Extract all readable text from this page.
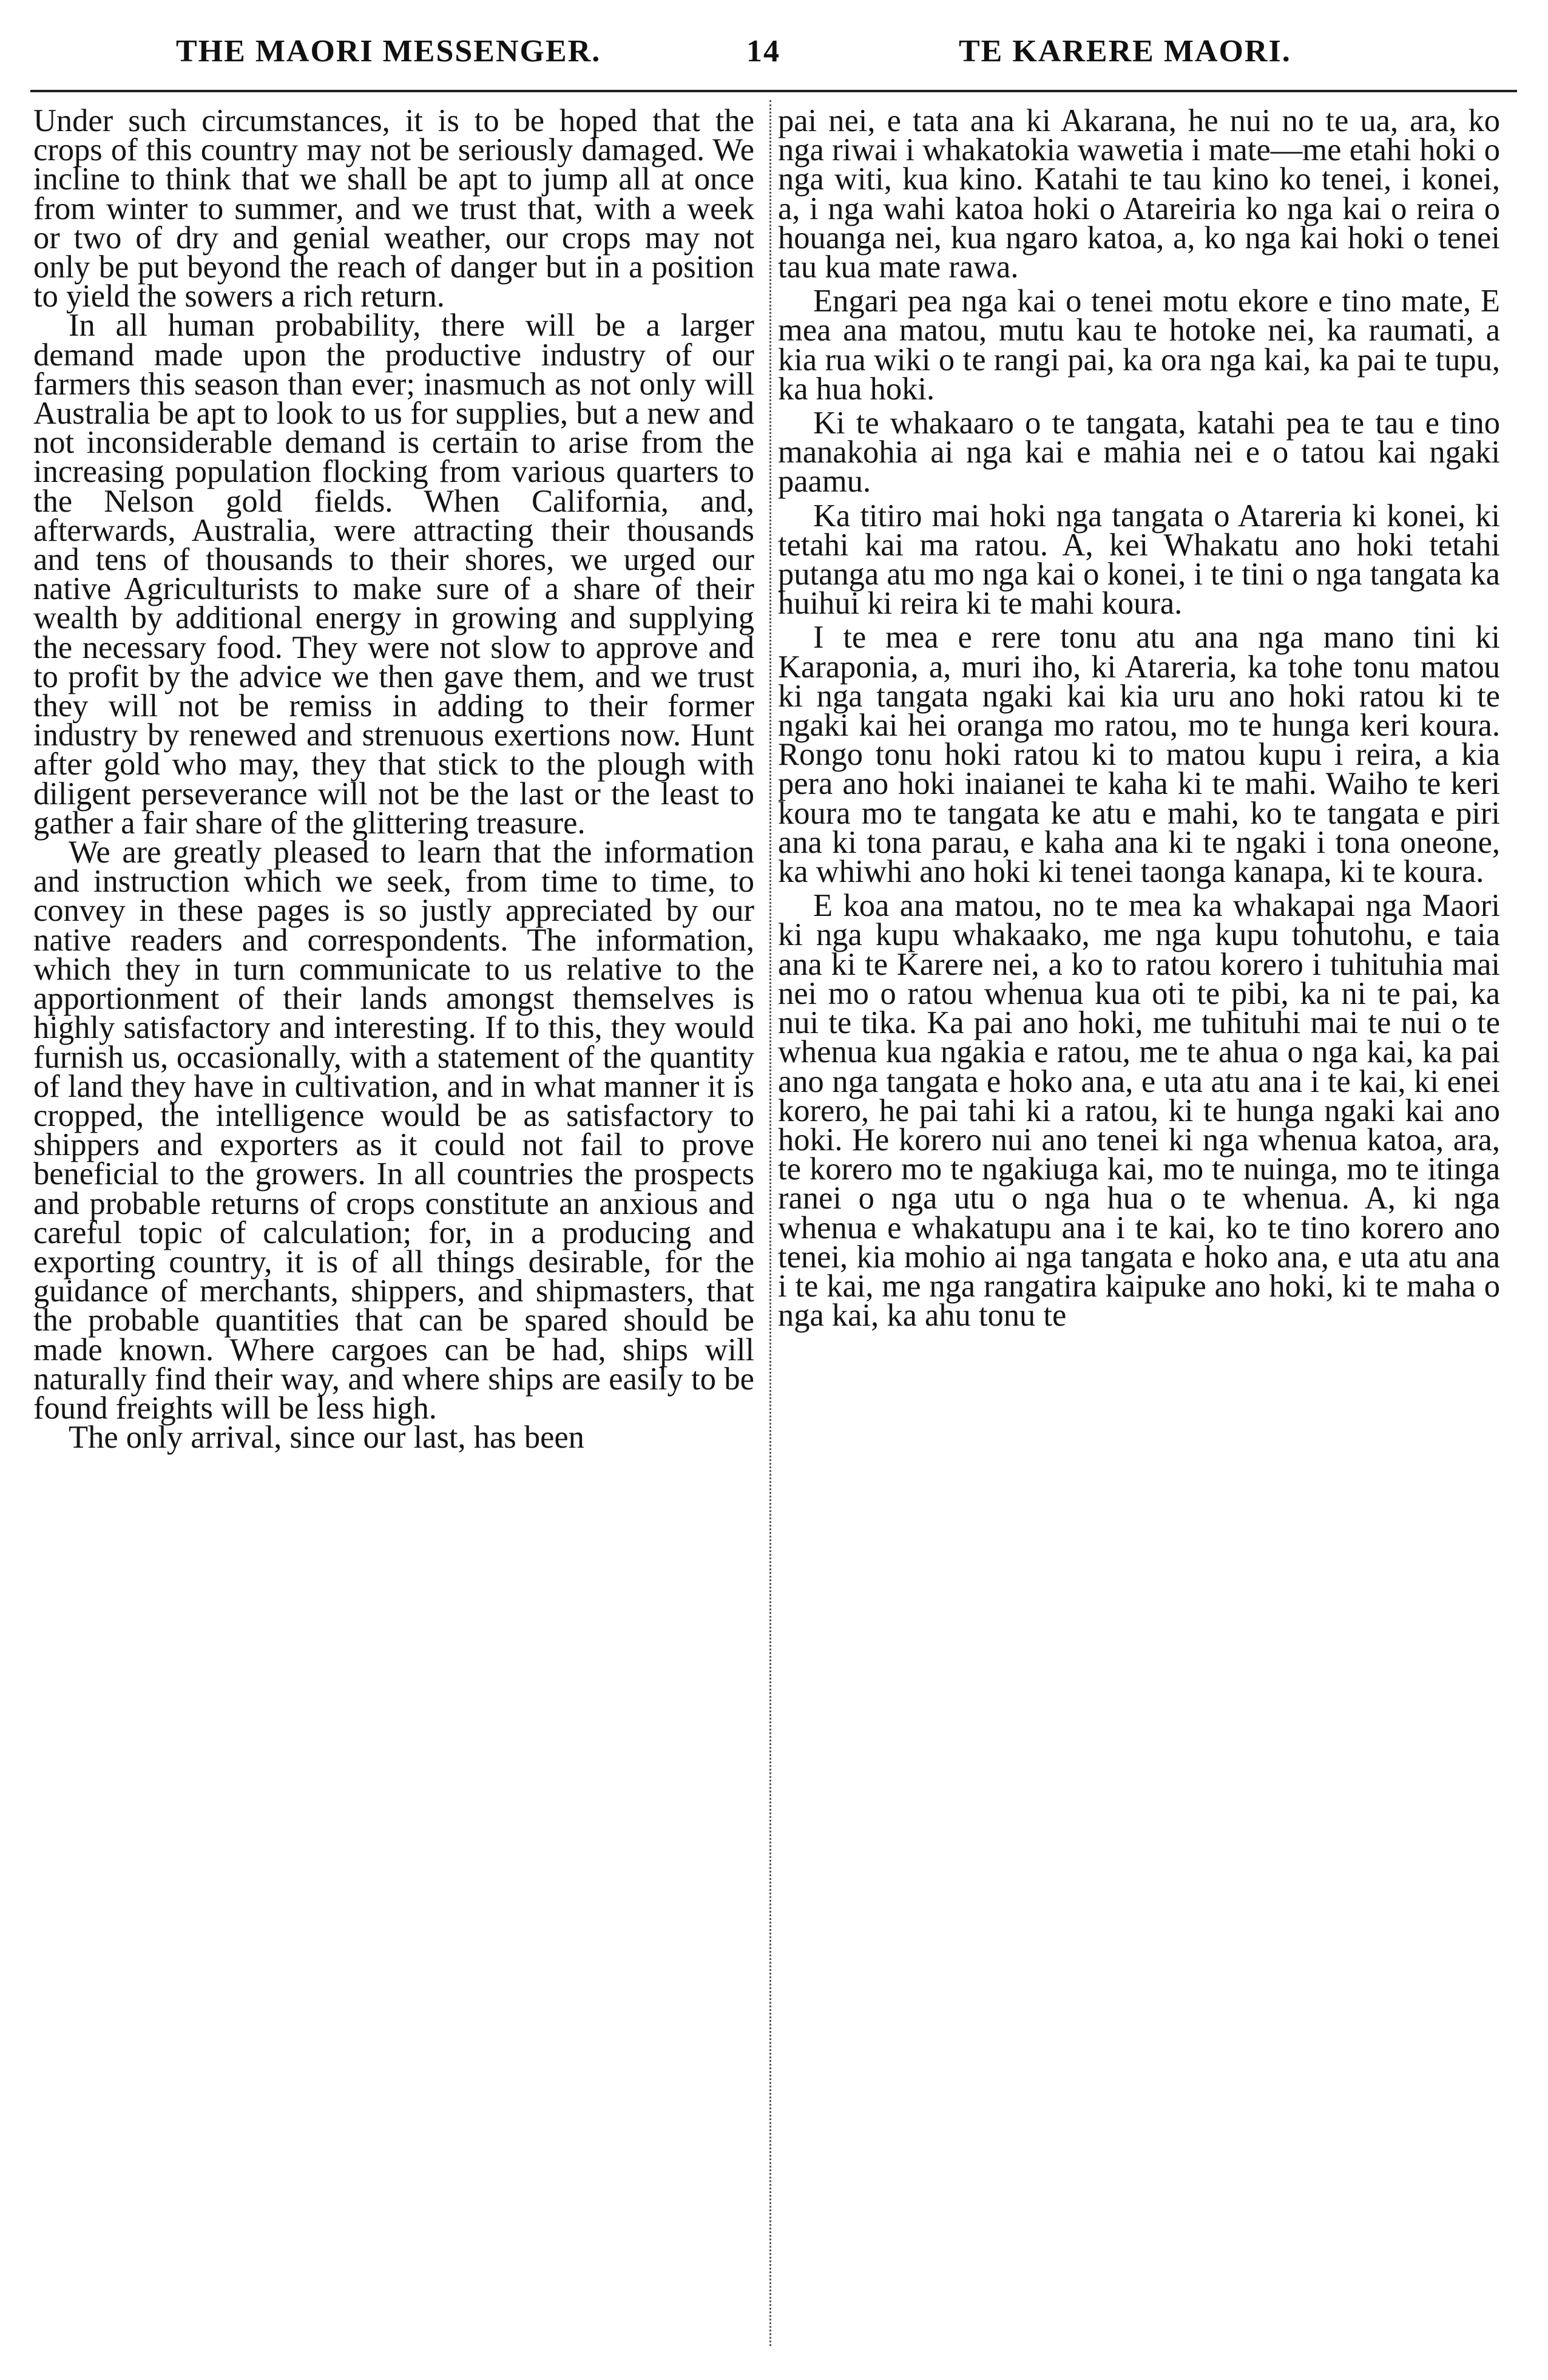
THE MAORI MESSENGER.	14	TE KARERE MAORI.

Under such circumstances, it is to be hoped that the crops of this country may not be seriously damaged. We incline to think that we shall be apt to jump all at once from winter to summer, and we trust that, with a week or two of dry and genial weather, our crops may not only be put beyond the reach of danger but in a position to yield the sowers a rich return.

In all human probability, there will be a larger demand made upon the productive industry of our farmers this season than ever; inasmuch as not only will Australia be apt to look to us for supplies, but a new and not inconsiderable demand is certain to arise from the increasing population flocking from various quarters to the Nelson gold fields. When California, and, afterwards, Australia, were attracting their thousands and tens of thousands to their shores, we urged our native Agriculturists to make sure of a share of their wealth by additional energy in growing and supplying the necessary food. They were not slow to approve and to profit by the advice we then gave them, and we trust they will not be remiss in adding to their former industry by renewed and strenuous exertions now. Hunt after gold who may, they that stick to the plough with diligent perseverance will not be the last or the least to gather a fair share of the glittering treasure.

We are greatly pleased to learn that the information and instruction which we seek, from time to time, to convey in these pages is so justly appreciated by our native readers and correspondents. The information, which they in turn communicate to us relative to the apportionment of their lands amongst themselves is highly satisfactory and interesting. If to this, they would furnish us, occasionally, with a statement of the quantity of land they have in cultivation, and in what manner it is cropped, the intelligence would be as satisfactory to shippers and exporters as it could not fail to prove beneficial to the growers. In all countries the prospects and probable returns of crops constitute an anxious and careful topic of calculation; for, in a producing and exporting country, it is of all things desirable, for the guidance of merchants, shippers, and shipmasters, that the probable quantities that can be spared should be made known. Where cargoes can be had, ships will naturally find their way, and where ships are easily to be found freights will be less high.

The only arrival, since our last, has been

pai nei, e tata ana ki Akarana, he nui no te ua, ara, ko nga riwai i whakatokia wawetia i mate—me etahi hoki o nga witi, kua kino. Katahi te tau kino ko tenei, i konei, a, i nga wahi katoa hoki o Atareiria ko nga kai o reira o houanga nei, kua ngaro katoa, a, ko nga kai hoki o tenei tau kua mate rawa.

Engari pea nga kai o tenei motu ekore e tino mate, E mea ana matou, mutu kau te hotoke nei, ka raumati, a kia rua wiki o te rangi pai, ka ora nga kai, ka pai te tupu, ka hua hoki.

Ki te whakaaro o te tangata, katahi pea te tau e tino manakohia ai nga kai e mahia nei e o tatou kai ngaki paamu.

Ka titiro mai hoki nga tangata o Atareria ki konei, ki tetahi kai ma ratou. A, kei Whakatu ano hoki tetahi putanga atu mo nga kai o konei, i te tini o nga tangata ka huihui ki reira ki te mahi koura.

I te mea e rere tonu atu ana nga mano tini ki Karaponia, a, muri iho, ki Atareria, ka tohe tonu matou ki nga tangata ngaki kai kia uru ano hoki ratou ki te ngaki kai hei oranga mo ratou, mo te hunga keri koura. Rongo tonu hoki ratou ki to matou kupu i reira, a kia pera ano hoki inaianei te kaha ki te mahi. Waiho te keri koura mo te tangata ke atu e mahi, ko te tangata e piri ana ki tona parau, e kaha ana ki te ngaki i tona oneone, ka whiwhi ano hoki ki tenei taonga kanapa, ki te koura.

E koa ana matou, no te mea ka whakapai nga Maori ki nga kupu whakaako, me nga kupu tohutohu, e taia ana ki te Karere nei, a ko to ratou korero i tuhituhia mai nei mo o ratou whenua kua oti te pibi, ka ni te pai, ka nui te tika. Ka pai ano hoki, me tuhituhi mai te nui o te whenua kua ngakia e ratou, me te ahua o nga kai, ka pai ano nga tangata e hoko ana, e uta atu ana i te kai, ki enei korero, he pai tahi ki a ratou, ki te hunga ngaki kai ano hoki. He korero nui ano tenei ki nga whenua katoa, ara, te korero mo te ngakiuga kai, mo te nuinga, mo te itinga ranei o nga utu o nga hua o te whenua. A, ki nga whenua e whakatupu ana i te kai, ko te tino korero ano tenei, kia mohio ai nga tangata e hoko ana, e uta atu ana i te kai, me nga rangatira kaipuke ano hoki, ki te maha o nga kai, ka ahu tonu te
